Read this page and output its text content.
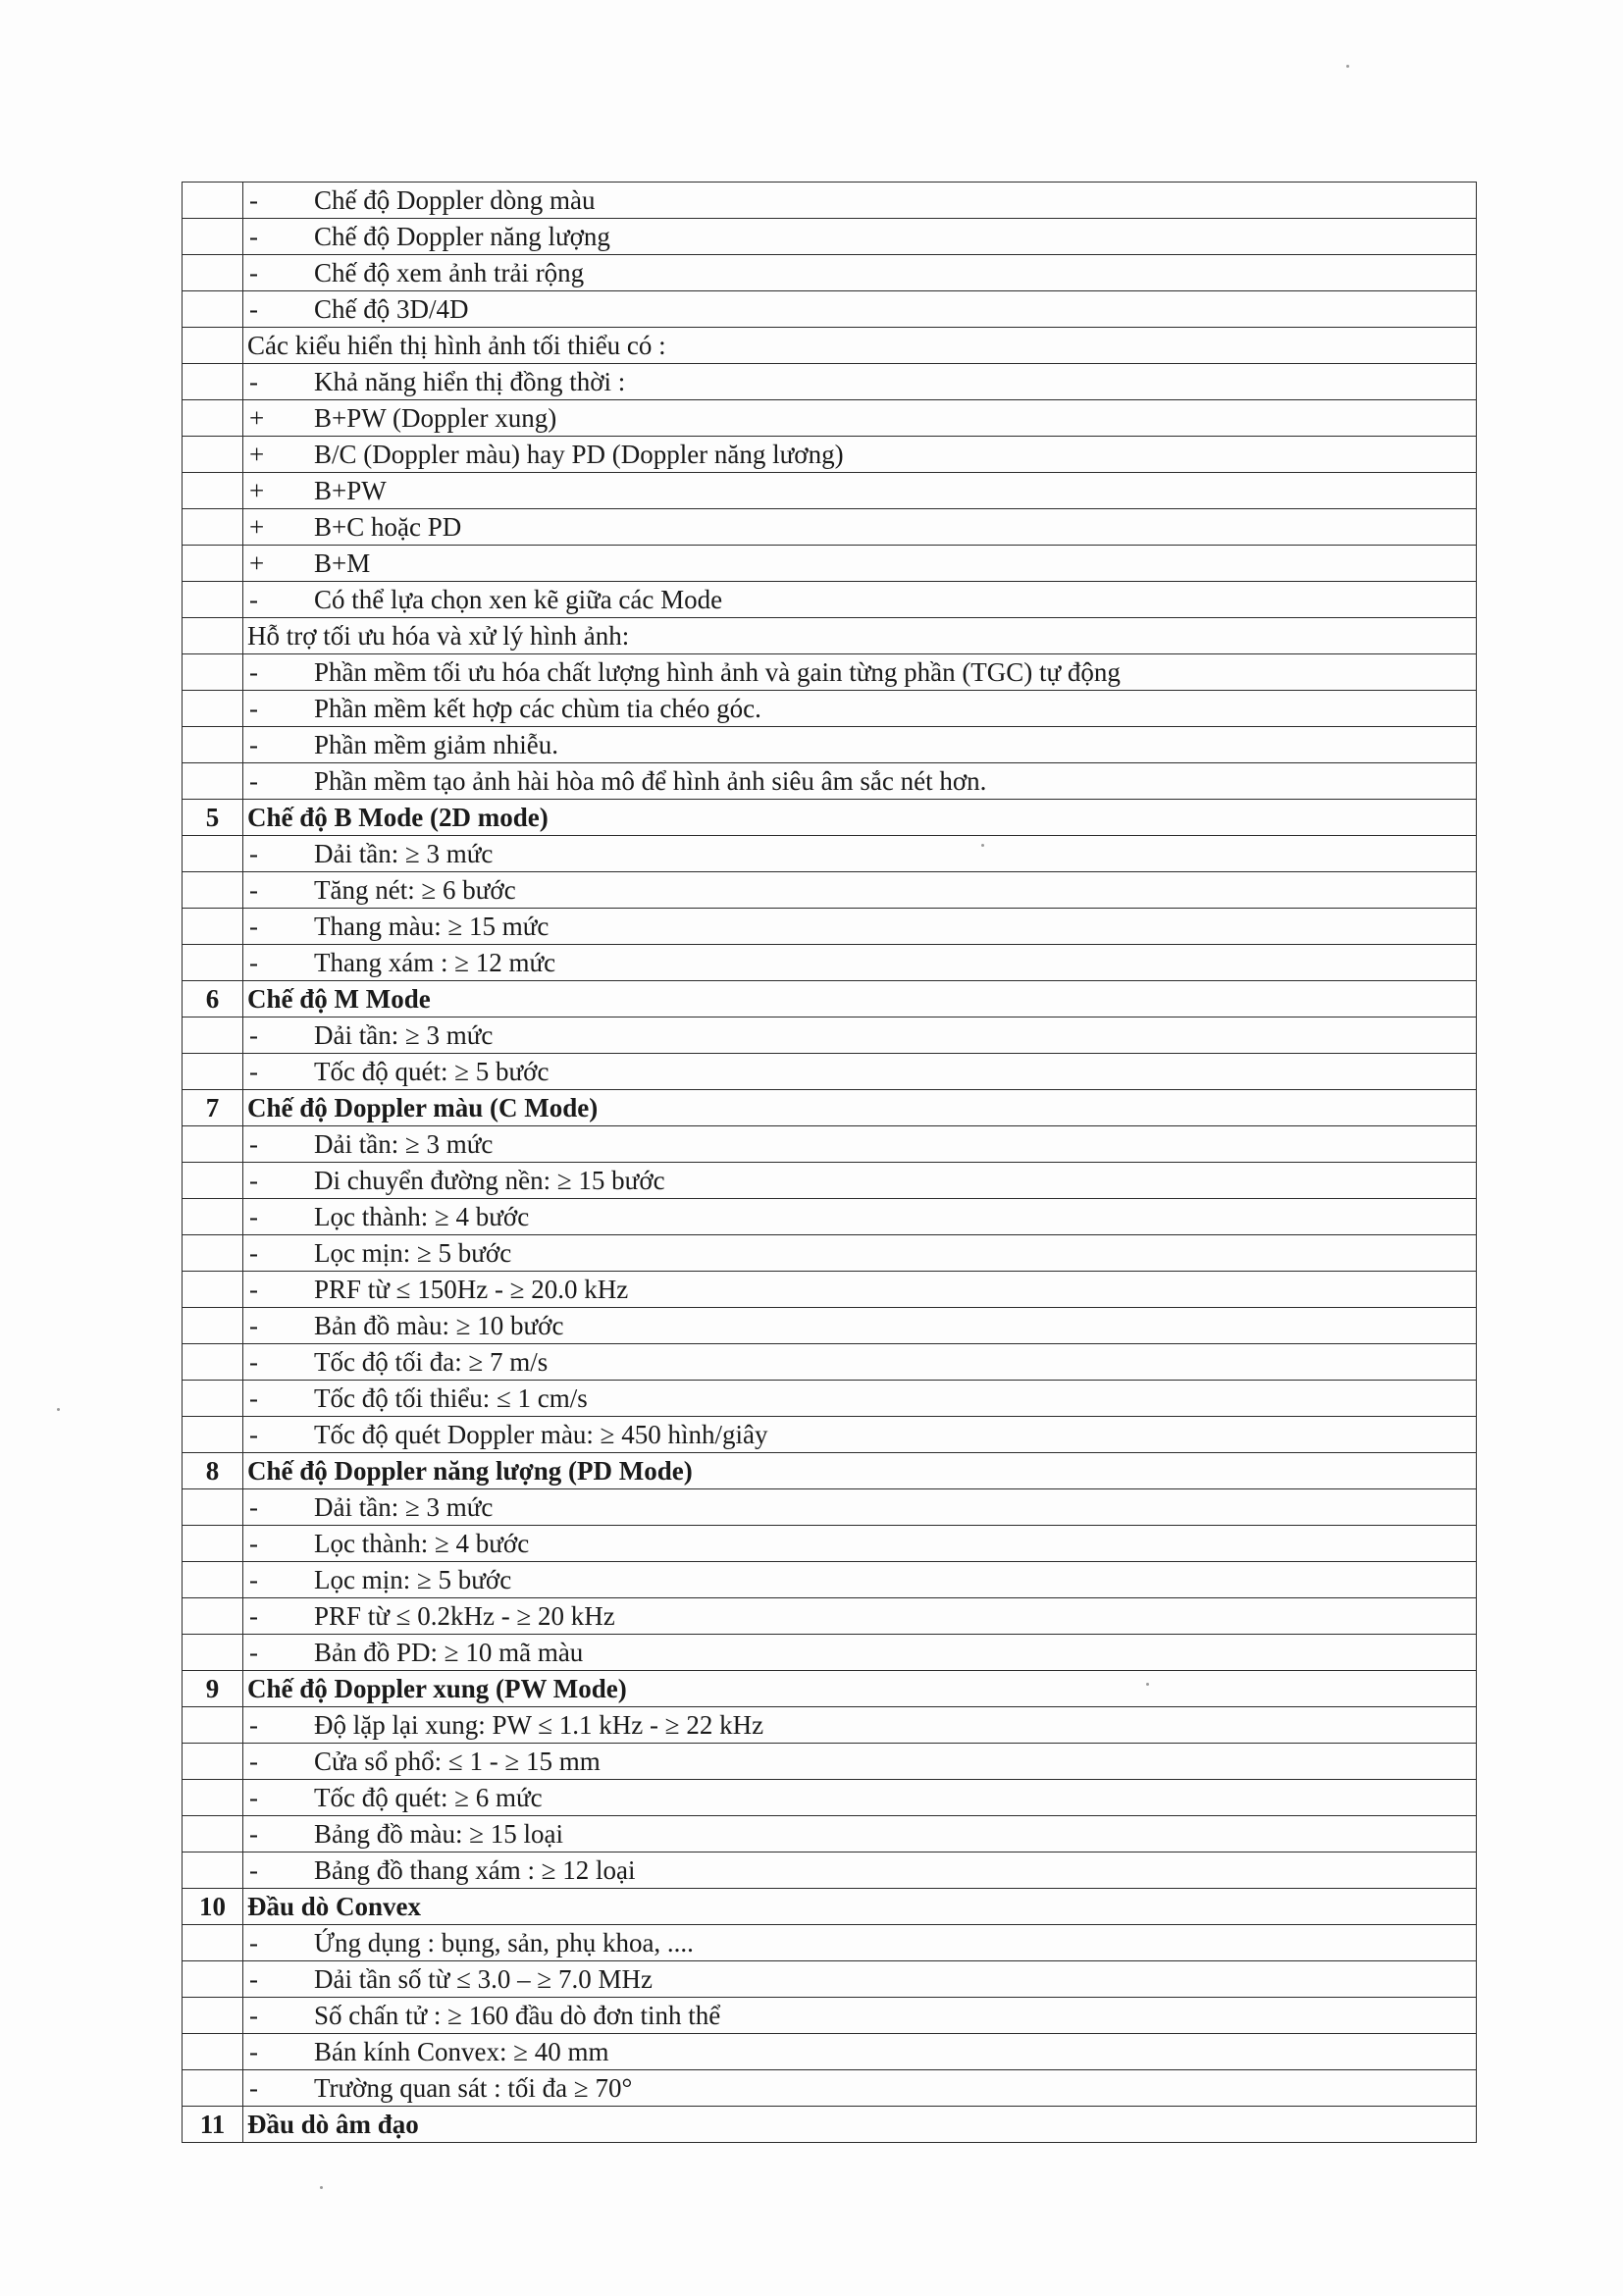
	- Chế độ Doppler dòng màu
	- Chế độ Doppler năng lượng
	- Chế độ xem ảnh trải rộng
	- Chế độ 3D/4D
	Các kiểu hiển thị hình ảnh tối thiểu có :
	- Khả năng hiển thị đồng thời :
	+ B+PW (Doppler xung)
	+ B/C (Doppler màu) hay PD (Doppler năng lương)
	+ B+PW
	+ B+C hoặc PD
	+ B+M
	- Có thể lựa chọn xen kẽ giữa các Mode
	Hỗ trợ tối ưu hóa và xử lý hình ảnh:
	- Phần mềm tối ưu hóa chất lượng hình ảnh và gain từng phần (TGC) tự động
	- Phần mềm kết hợp các chùm tia chéo góc.
	- Phần mềm giảm nhiễu.
	- Phần mềm tạo ảnh hài hòa mô để hình ảnh siêu âm sắc nét hơn.
5	Chế độ B Mode (2D mode)
	- Dải tần: ≥ 3 mức
	- Tăng nét: ≥ 6 bước
	- Thang màu: ≥ 15 mức
	- Thang xám : ≥ 12 mức
6	Chế độ M Mode
	- Dải tần: ≥ 3 mức
	- Tốc độ quét: ≥ 5 bước
7	Chế độ Doppler màu (C Mode)
	- Dải tần: ≥ 3 mức
	- Di chuyển đường nền: ≥ 15 bước
	- Lọc thành: ≥ 4 bước
	- Lọc mịn: ≥ 5 bước
	- PRF từ ≤ 150Hz - ≥ 20.0 kHz
	- Bản đồ màu: ≥ 10 bước
	- Tốc độ tối đa: ≥ 7 m/s
	- Tốc độ tối thiểu: ≤ 1 cm/s
	- Tốc độ quét Doppler màu: ≥ 450 hình/giây
8	Chế độ Doppler năng lượng (PD Mode)
	- Dải tần: ≥ 3 mức
	- Lọc thành: ≥ 4 bước
	- Lọc mịn: ≥ 5 bước
	- PRF từ ≤ 0.2kHz - ≥ 20 kHz
	- Bản đồ PD: ≥ 10 mã màu
9	Chế độ Doppler xung (PW Mode)
	- Độ lặp lại xung: PW ≤ 1.1 kHz - ≥ 22 kHz
	- Cửa sổ phổ: ≤ 1 - ≥ 15 mm
	- Tốc độ quét: ≥ 6 mức
	- Bảng đồ màu: ≥ 15 loại
	- Bảng đồ thang xám : ≥ 12 loại
10	Đầu dò Convex
	- Ứng dụng : bụng, sản, phụ khoa, ....
	- Dải tần số từ ≤ 3.0 – ≥ 7.0 MHz
	- Số chấn tử : ≥ 160 đầu dò đơn tinh thể
	- Bán kính Convex: ≥ 40 mm
	- Trường quan sát : tối đa ≥ 70°
11	Đầu dò âm đạo
